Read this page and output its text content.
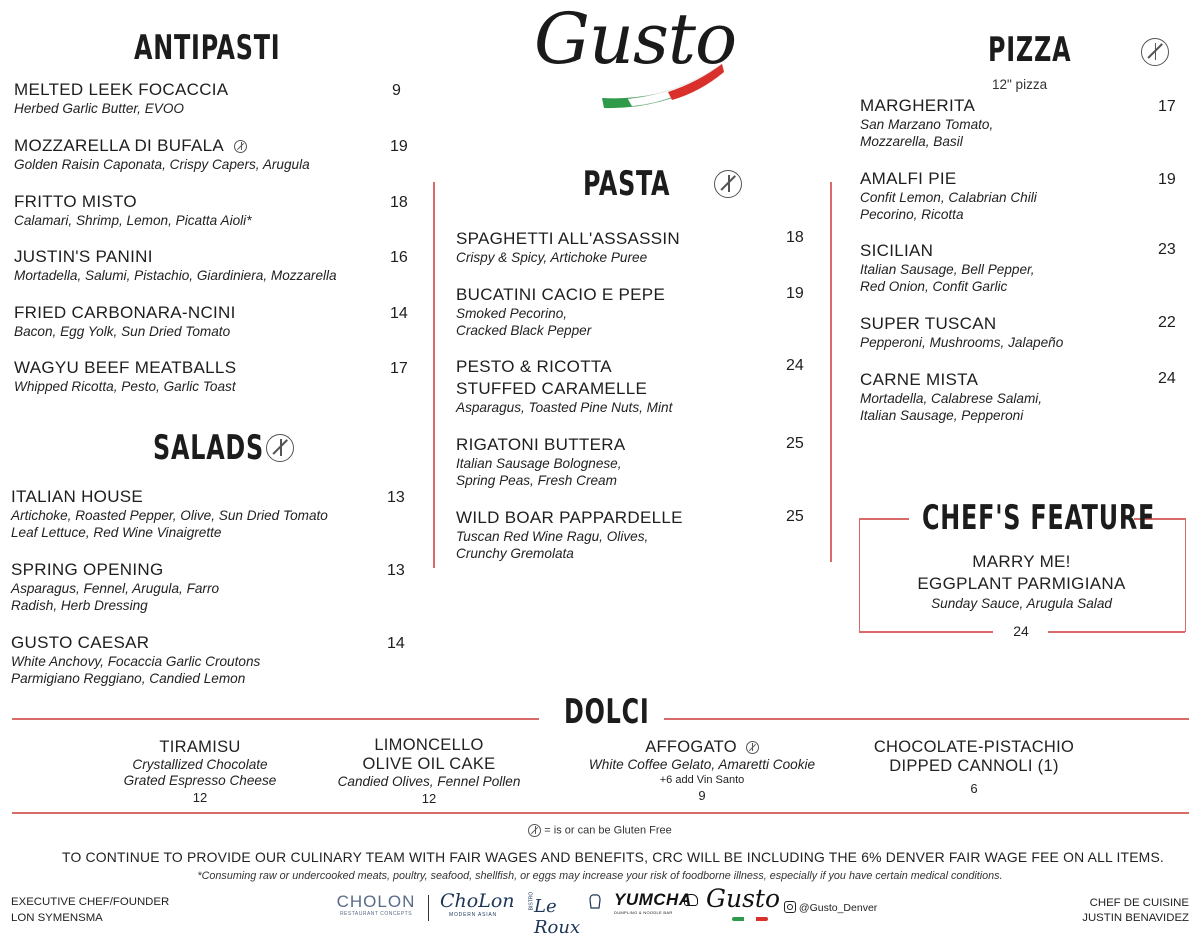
Gusto
ANTIPASTI
MELTED LEEK FOCACCIA
Herbed Garlic Butter, EVOO
9
MOZZARELLA DI BUFALA
Golden Raisin Caponata, Crispy Capers, Arugula
19
FRITTO MISTO
Calamari, Shrimp, Lemon, Picatta Aioli*
18
JUSTIN'S PANINI
Mortadella, Salumi, Pistachio, Giardiniera, Mozzarella
16
FRIED CARBONARA-NCINI
Bacon, Egg Yolk, Sun Dried Tomato
14
WAGYU BEEF MEATBALLS
Whipped Ricotta, Pesto, Garlic Toast
17
SALADS

ITALIAN HOUSE
Artichoke, Roasted Pepper, Olive, Sun Dried Tomato
Leaf Lettuce, Red Wine Vinaigrette
13
SPRING OPENING
Asparagus, Fennel, Arugula, Farro
Radish, Herb Dressing
13
GUSTO CAESAR
White Anchovy, Focaccia Garlic Croutons
Parmigiano Reggiano, Candied Lemon
14
PASTA

SPAGHETTI ALL'ASSASSIN
Crispy & Spicy, Artichoke Puree
18
BUCATINI CACIO E PEPE
Smoked Pecorino,
Cracked Black Pepper
19
PESTO & RICOTTA
STUFFED CARAMELLE
Asparagus, Toasted Pine Nuts, Mint
24
RIGATONI BUTTERA
Italian Sausage Bolognese,
Spring Peas, Fresh Cream
25
WILD BOAR PAPPARDELLE
Tuscan Red Wine Ragu, Olives,
Crunchy Gremolata
25
PIZZA
12" pizza
MARGHERITA
San Marzano Tomato,
Mozzarella, Basil
17
AMALFI PIE
Confit Lemon, Calabrian Chili
Pecorino, Ricotta
19
SICILIAN
Italian Sausage, Bell Pepper,
Red Onion, Confit Garlic
23
SUPER TUSCAN
Pepperoni, Mushrooms, Jalapeño
22
CARNE MISTA
Mortadella, Calabrese Salami,
Italian Sausage, Pepperoni
24
CHEF'S FEATURE
MARRY ME!
EGGPLANT PARMIGIANA
Sunday Sauce, Arugula Salad
24
DOLCI
TIRAMISU
Crystallized Chocolate
Grated Espresso Cheese
12
LIMONCELLO
OLIVE OIL CAKE
Candied Olives, Fennel Pollen
12
AFFOGATO
White Coffee Gelato, Amaretti Cookie
+6 add Vin Santo
9
CHOCOLATE-PISTACHIO
DIPPED CANNOLI (1)
6
= is or can be Gluten Free
TO CONTINUE TO PROVIDE OUR CULINARY TEAM WITH FAIR WAGES AND BENEFITS, CRC WILL BE INCLUDING THE 6% DENVER FAIR WAGE FEE ON ALL ITEMS.
*Consuming raw or undercooked meats, poultry, seafood, shellfish, or eggs may increase your risk of foodborne illness, especially if you have certain medical conditions.
EXECUTIVE CHEF/FOUNDER
LON SYMENSMA
CHEF DE CUISINE
JUSTIN BENAVIDEZ
CHOLON
RESTAURANT CONCEPTS
ChoLon
MODERN ASIAN
BISTRO Le Roux
YUMCHA
DUMPLING & NOODLE BAR	Gusto	@Gusto_Denver
